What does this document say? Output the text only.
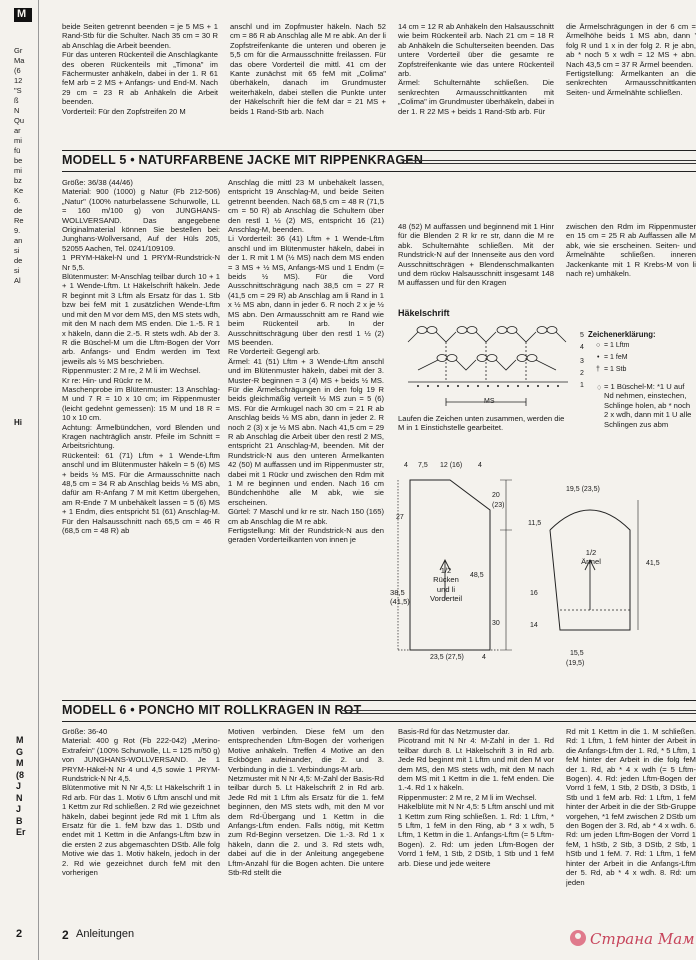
M
Gr
Ma
(6
12
"S
ß
N
Qu
ar
mi
fü
be
mi
bz
Ke
6.
de
Re
9.
an
si
de
si
Al
Hi
M
G
M
(8
J
N
J
B
Er
beide Seiten getrennt beenden = je 5 MS + 1 Rand-Stb für die Schulter. Nach 35 cm = 30 R ab Anschlag die Arbeit beenden.
Für das unteren Rückenteil die Anschlagkante des oberen Rückenteils mit „Timona" im Fächermuster anhäkeln, dabei in der 1. R 61 feM arb = 2 MS + Anfangs- und End-M. Nach 29 cm = 23 R ab Anhäkeln die Arbeit beenden.
Vorderteil: Für den Zopfstreifen 20 M
anschl und im Zopfmuster häkeln. Nach 52 cm = 86 R ab Anschlag alle M re abk. An der li Zopfstreifenkante die unteren und oberen je 5,5 cm für die Armausschnitte freilassen. Für das obere Vorderteil die mittl. 41 cm der Kante zunächst mit 65 feM mit „Colima" überhäkeln, danach im Grundmuster weiterhäkeln, dabei stellen die Punkte unter der Häkelschrift hier die feM dar = 21 MS + beids 1 Rand-Stb arb. Nach
14 cm = 12 R ab Anhäkeln den Halsausschnitt wie beim Rückenteil arb. Nach 21 cm = 18 R ab Anhäkeln die Schulterseiten beenden. Das untere Vorderteil über die gesamte re Zopfstreifenkante wie das untere Rückenteil arb.
Ärmel: Schulternähte schließen. Die senkrechten Armausschnittkanten mit „Colima" im Grundmuster überhäkeln, dabei in der 1. R 22 MS + beids 1 Rand-Stb arb. Für
die Ärmelschrägungen in der 6 cm = Ärmelhöhe beids 1 MS abn, dann ' folg R und 1 x in der folg 2. R je abn, ab * noch 5 x wdh = 12 MS + abn. Nach 43,5 cm = 37 R Ärmel beenden.
Fertigstellung: Ärmelkanten an die senkrechten Armausschnittkanten Seiten- und Ärmelnähte schließen.
MODELL 5 • NATURFARBENE JACKE MIT RIPPENKRAGEN
Größe: 36/38 (44/46)
Material: 900 (1000) g Natur (Fb 212-506) „Natur" (100% naturbelassene Schurwolle, LL = 160 m/100 g) von JUNGHANS-WOLLVERSAND. Das angegebene Originalmaterial können Sie bestellen bei: Junghans-Wollversand, Auf der Hüls 205, 52055 Aachen, Tel. 0241/109109.
1 PRYM-Häkel-N und 1 PRYM-Rundstrick-N Nr 5,5.
Blütenmuster: M-Anschlag teilbar durch 10 + 1 + 1 Wende-Lftm. Lt Häkelschrift häkeln. Jede R beginnt mit 3 Lftm als Ersatz für das 1. Stb bzw bei feM mit 1 zusätzlichen Wende-Lftm und mit den M vor dem MS, den MS stets wdh, mit den M nach dem MS enden. Die 1.-5. R 1 x häkeln, dann die 2.-5. R stets wdh. Ab der 3. R die Büschel-M um die Lftm-Bogen der Vorr arb. Anfangs- und Endm werden im Text jeweils als ½ MS beschrieben.
Rippenmuster: 2 M re, 2 M li im Wechsel.
Kr re: Hin- und Rückr re M.
Maschenprobe im Blütenmuster: 13 Anschlag-M und 7 R = 10 x 10 cm; im Rippenmuster (leicht gedehnt gemessen): 15 M und 18 R = 10 x 10 cm.
Achtung: Ärmelbündchen, vord Blenden und Kragen nachträglich anstr. Pfeile im Schnitt = Arbeitsrichtung.
Rückenteil: 61 (71) Lftm + 1 Wende-Lftm anschl und im Blütenmuster häkeln = 5 (6) MS + beids ½ MS. Für die Armausschnitte nach 48,5 cm = 34 R ab Anschlag beids ½ MS abn, dafür am R-Anfang 7 M mit Kettm übergehen, am R-Ende 7 M unbehäkelt lassen = 5 (6) MS + 1 Endm, dies entspricht 51 (61) Anschlag-M. Für den Halsausschnitt nach 65,5 cm = 46 R (68,5 cm = 48 R) ab
Anschlag die mittl 23 M unbehäkelt lassen, entspricht 19 Anschlag-M, und beide Seiten getrennt beenden. Nach 68,5 cm = 48 R (71,5 cm = 50 R) ab Anschlag die Schultern über den restl 1 ½ (2) MS, entspricht 16 (21) Anschlag-M, beenden.
Li Vorderteil: 36 (41) Lftm + 1 Wende-Lftm anschl und im Blütenmuster häkeln, dabei in der 1. R mit 1 M (½ MS) nach dem MS enden = 3 MS + ½ MS, Anfangs-MS und 1 Endm (= beids ½ MS). Für die Vord Ausschnittschrägung nach 38,5 cm = 27 R (41,5 cm = 29 R) ab Anschlag am li Rand in 1 x ½ MS abn, dann in jeder 6. R noch 2 x je ½ MS abn. Den Armausschnitt am re Rand wie beim Rückenteil arb. In der Ausschnittschrägung über den restl 1 ½ (2) MS beenden.
Re Vorderteil: Gegengl arb.
Ärmel: 41 (51) Lftm + 3 Wende-Lftm anschl und im Blütenmuster häkeln, dabei mit der 3. Muster-R beginnen = 3 (4) MS + beids ½ MS. Für die Ärmelschrägungen in den folg 19 R beids gleichmäßig verteilt ½ MS zun = 5 (6) MS. Für die Armkugel nach 30 cm = 21 R ab Anschlag beids ½ MS abn, dann in jeder 2. R noch 2 (3) x je ½ MS abn. Nach 41,5 cm = 29 R ab Anschlag die Arbeit über den restl 2 MS, entspricht 21 Anschlag-M, beenden. Mit der Rundstrick-N aus den unteren Ärmelkanten 42 (50) M auffassen und im Rippenmuster str, dabei mit 1 Rückr und zwischen den Rdm mit 1 M re beginnen und enden. Nach 16 cm Bündchenhöhe alle M abk, wie sie erscheinen.
Gürtel: 7 Maschl und kr re str. Nach 150 (165) cm ab Anschlag die M re abk.
Fertigstellung: Mit der Rundstrick-N aus den geraden Vorderteilkanten von innen je
48 (52) M auffassen und beginnend mit 1 Hinr für die Blenden 2 R kr re str, dann die M re abk. Schulternähte schließen. Mit der Rundstrick-N auf der Innenseite aus den vord Ausschnittschrägen + Blendenschmalkanten und dem rückw Halsausschnitt insgesamt 148 M auffassen und für den Kragen
zwischen den Rdm im Rippenmuster en 15 cm = 25 R ab Auffassen alle M abk, wie sie erscheinen. Seiten- und Ärmelnähte schließen. inneren Jackenkante mit 1 R Krebs-M von li nach re) umhäkeln.
Häkelschrift
5
4
3
2
1
MS
Laufen die Zeichen unten zusammen, werden die M in 1 Einstichstelle gearbeitet.
Zeichenerklärung:
○ = 1 Lftm
• = 1 feM
† = 1 Stb
♢ = 1 Büschel-M: *1 U auf Nd nehmen, einstechen, Schlinge holen, ab * noch 2 x wdh, dann mit 1 U alle Schlingen zus abm
4 7,5 12 (16) 4
20
(23)
27
38,5
(41,5)
48,5
30
1/2
Rücken
und li
Vorderteil
23,5 (27,5)	4
19,5 (23,5)
1/2
Ärmel
11,5
16
41,5
14
15,5
(19,5)
MODELL 6 • PONCHO MIT ROLLKRAGEN IN ROT
Größe: 36-40
Material: 400 g Rot (Fb 222-042) „Merino-Extrafein" (100% Schurwolle, LL = 125 m/50 g) von JUNGHANS-WOLLVERSAND. Je 1 PRYM-Häkel-N Nr 4 und 4,5 sowie 1 PRYM-Rundstrick-N Nr 4,5.
Blütenmotive mit N Nr 4,5: Lt Häkelschrift 1 in Rd arb. Für das 1. Motiv 6 Lftm anschl und mit 1 Kettm zur Rd schließen. 2 Rd wie gezeichnet häkeln, dabei beginnt jede Rd mit 1 Lftm als Ersatz für die 1. feM bzw das 1. DStb und endet mit 1 Kettm in die Anfangs-Lftm bzw in die ersten 2 zus abgemaschten DStb. Alle folg Motive wie das 1. Motiv häkeln, jedoch in der 2. Rd wie gezeichnet durch feM mit den vorherigen
Motiven verbinden. Diese feM um den entsprechenden Lftm-Bogen der vorherigen Motive anhäkeln. Treffen 4 Motive an den Eckbögen aufeinander, die 2. und 3. Verbindung in die 1. Verbindungs-M arb.
Netzmuster mit N Nr 4,5: M-Zahl der Basis-Rd teilbar durch 5. Lt Häkelschrift 2 in Rd arb. Jede Rd mit 1 Lftm als Ersatz für die 1. feM beginnen, den MS stets wdh, mit den M vor dem Rd-Übergang und 1 Kettm in die Anfangs-Lftm enden. Falls nötig, mit Kettm zum Rd-Beginn versetzen. Die 1.-3. Rd 1 x häkeln, dann die 2. und 3. Rd stets wdh, dabei auf die in der Anleitung angegebene Lftm-Anzahl für die Bogen achten. Die untere Stb-Rd stellt die
Basis-Rd für das Netzmuster dar.
Picotrand mit N Nr 4: M-Zahl in der 1. Rd teilbar durch 8. Lt Häkelschrift 3 in Rd arb. Jede Rd beginnt mit 1 Lftm und mit den M vor dem MS, den MS stets wdh, mit den M nach dem MS mit 1 Kettm in die 1. feM enden. Die 1.-4. Rd 1 x häkeln.
Rippenmuster: 2 M re, 2 M li im Wechsel.
Häkelblüte mit N Nr 4,5: 5 Lftm anschl und mit 1 Kettm zum Ring schließen. 1. Rd: 1 Lftm, * 5 Lftm, 1 feM in den Ring, ab * 3 x wdh, 5 Lftm, 1 Kettm in die 1. Anfangs-Lftm (= 5 Lftm-Bogen). 2. Rd: um jeden Lftm-Bogen der Vorrd 1 feM, 1 Stb, 2 DStb, 1 Stb und 1 feM arb. Diese und jede weitere
Rd mit 1 Kettm in die 1. M schließen. Rd: 1 Lftm, 1 feM hinter der Arbeit in die Anfangs-Lftm der 1. Rd, * 5 Lftm, 1 feM hinter der Arbeit in die folg feM der 1. Rd, ab * 4 x wdh (= 5 Lftm-Bogen). 4. Rd: jeden Lftm-Bogen der Vorrd 1 feM, 1 Stb, 2 DStb, 3 DStb, 1 Stb und 1 feM arb. Rd: 1 Lftm, 1 feM hinter der Arbeit in die der Stb-Gruppe vorgehen, *1 feM zwischen 2 DStb um den Bogen der 3. Rd, ab * 4 x wdh. 6. Rd: um jeden Lftm-Bogen der Vorrd 1 feM, 1 hStb, 2 Stb, 3 DStb, 2 Stb, 1 hStb und 1 feM. 7. Rd: 1 Lftm, 1 feM hinter der Arbeit in die Anfangs-Lftm der 5. Rd, ab * 4 x wdh. 8. Rd: um jeden
2	2 Anleitungen	Страна Мам
